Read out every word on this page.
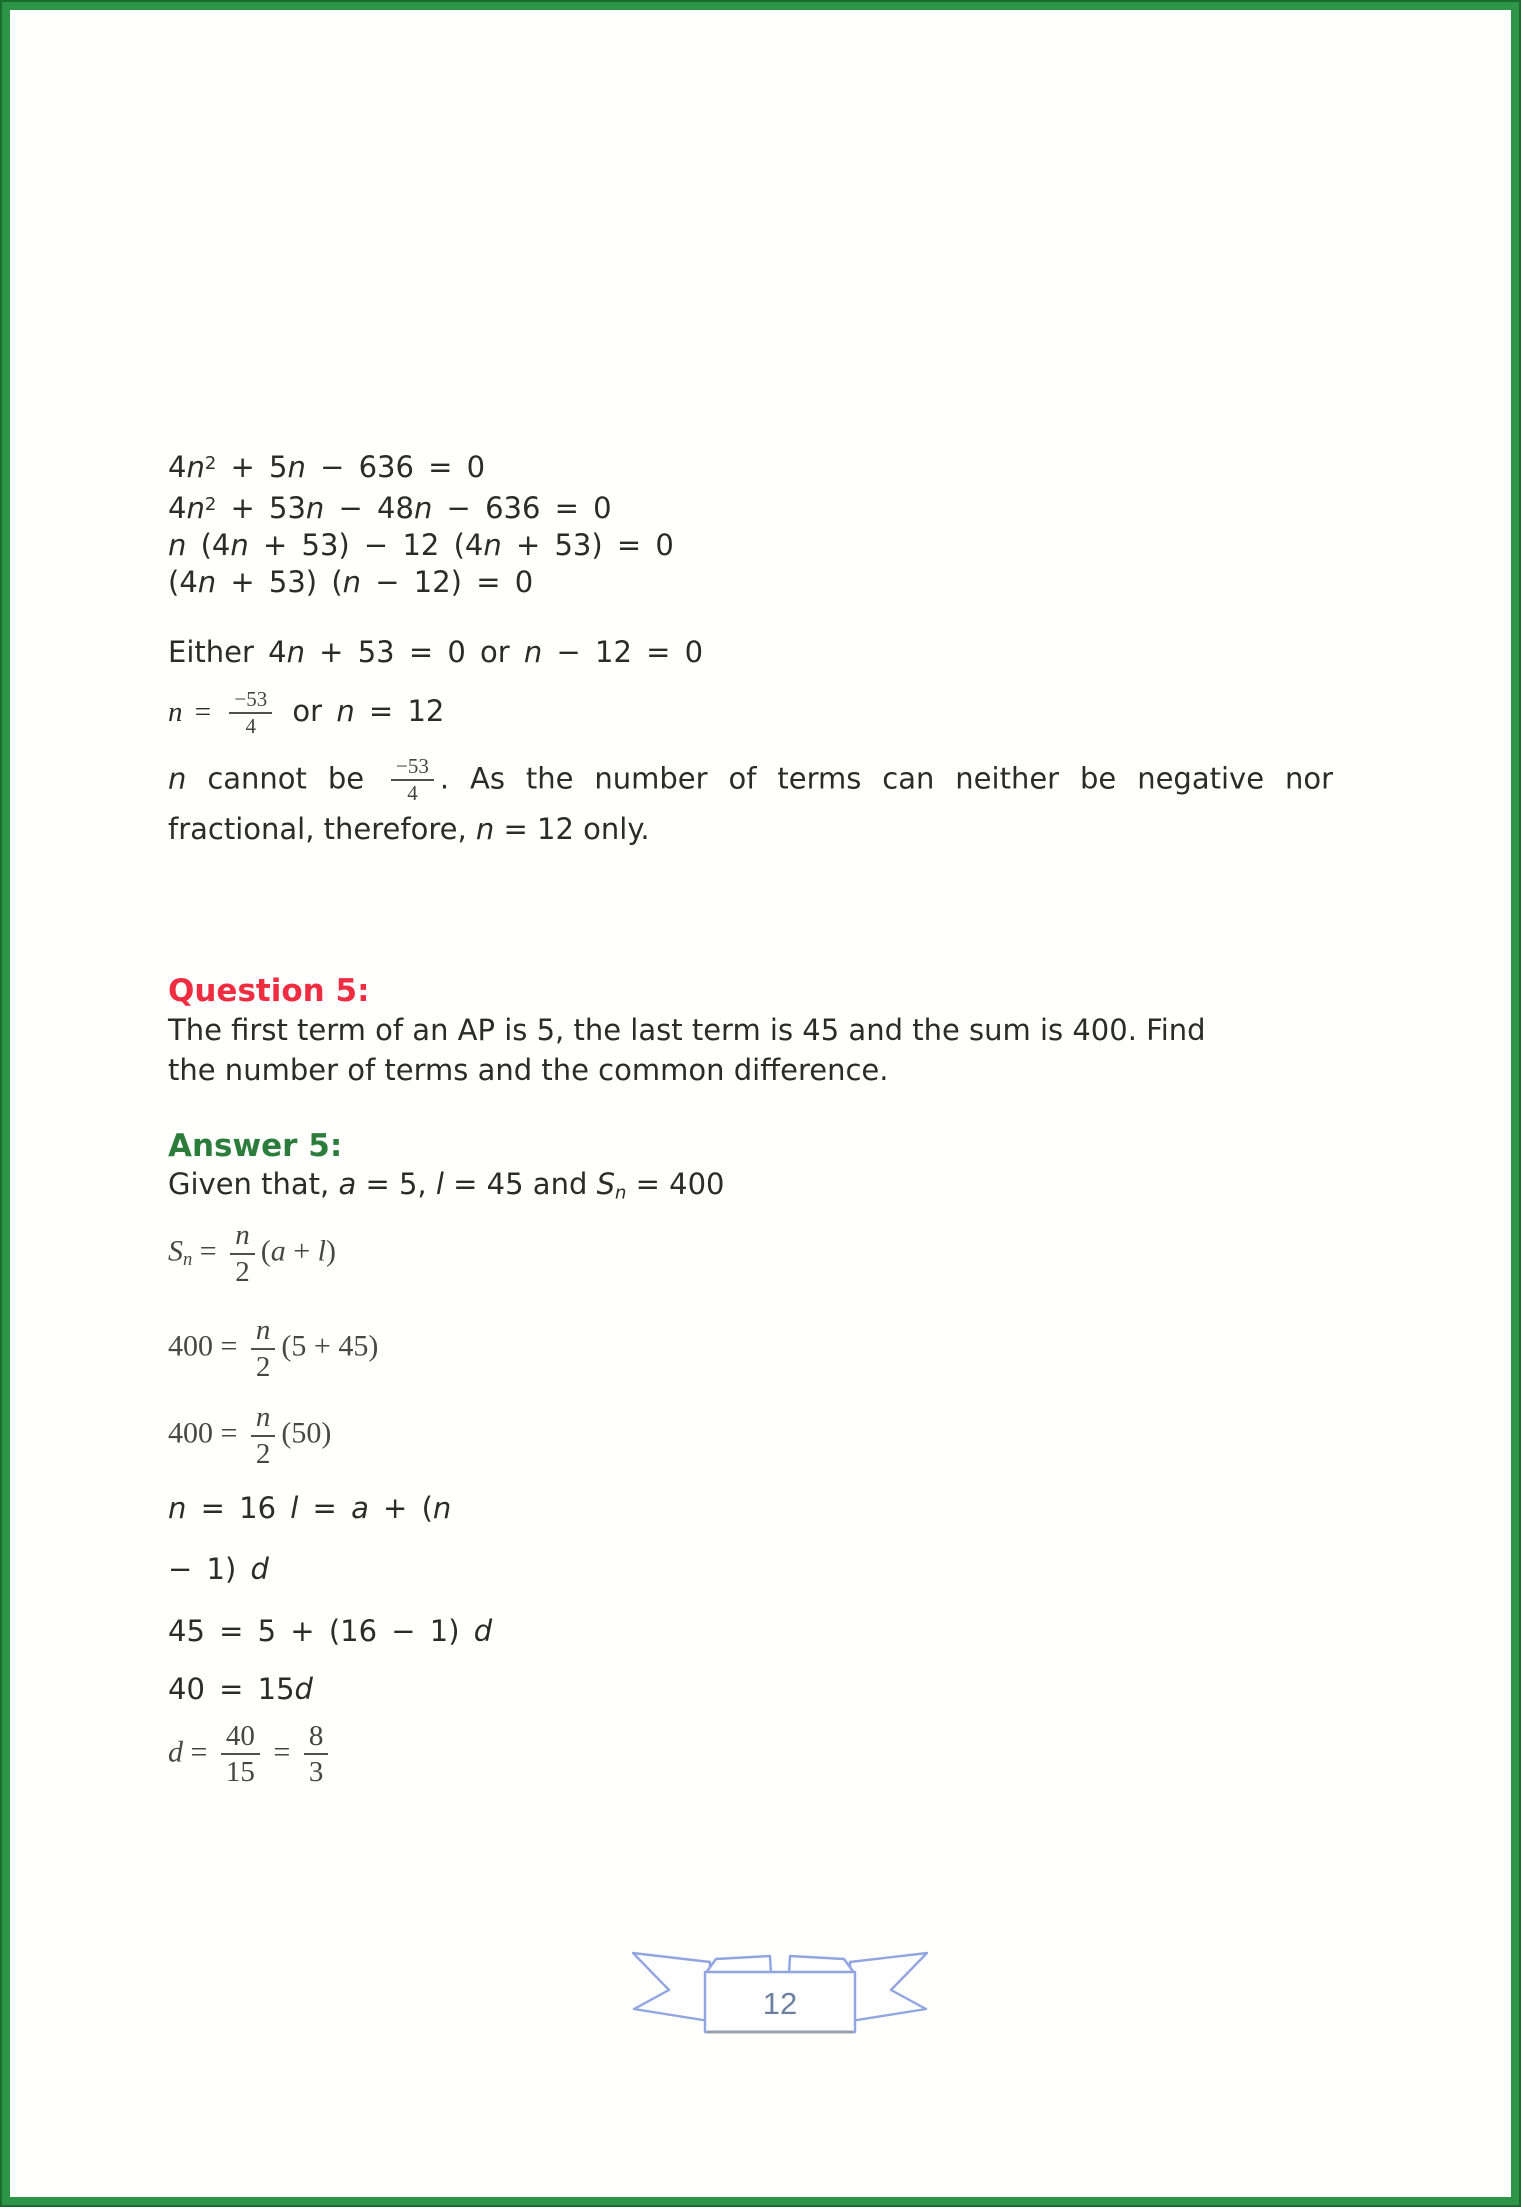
$4n^2 + 5n - 636 = 0$
$4n^2 + 53n - 48n - 636 = 0$
n (4n + 53) − 12 (4n + 53) = 0
(4n + 53) (n − 12) = 0
Either 4n + 53 = 0 or n − 12 = 0
$n = \frac{-53}{4}$ or n = 12
n cannot be $\frac{-53}{4}$ . As the number of terms can neither be negative nor
fractional, therefore, n = 12 only.
Question 5:
The first term of an AP is 5, the last term is 45 and the sum is 400. Find
the number of terms and the common difference.
Answer 5:
Given that, a = 5, l = 45 and $S_n = 400$
$S_n = \frac{n}{2} (a + l)$
$400 = \frac{n}{2} (5 + 45)$
$400 = \frac{n}{2} (50)$
n = 16 l = a + (n
− 1) d
45 = 5 + (16 − 1) d
40 = 15d
$d = \frac{40}{15} = \frac{8}{3}$
12
